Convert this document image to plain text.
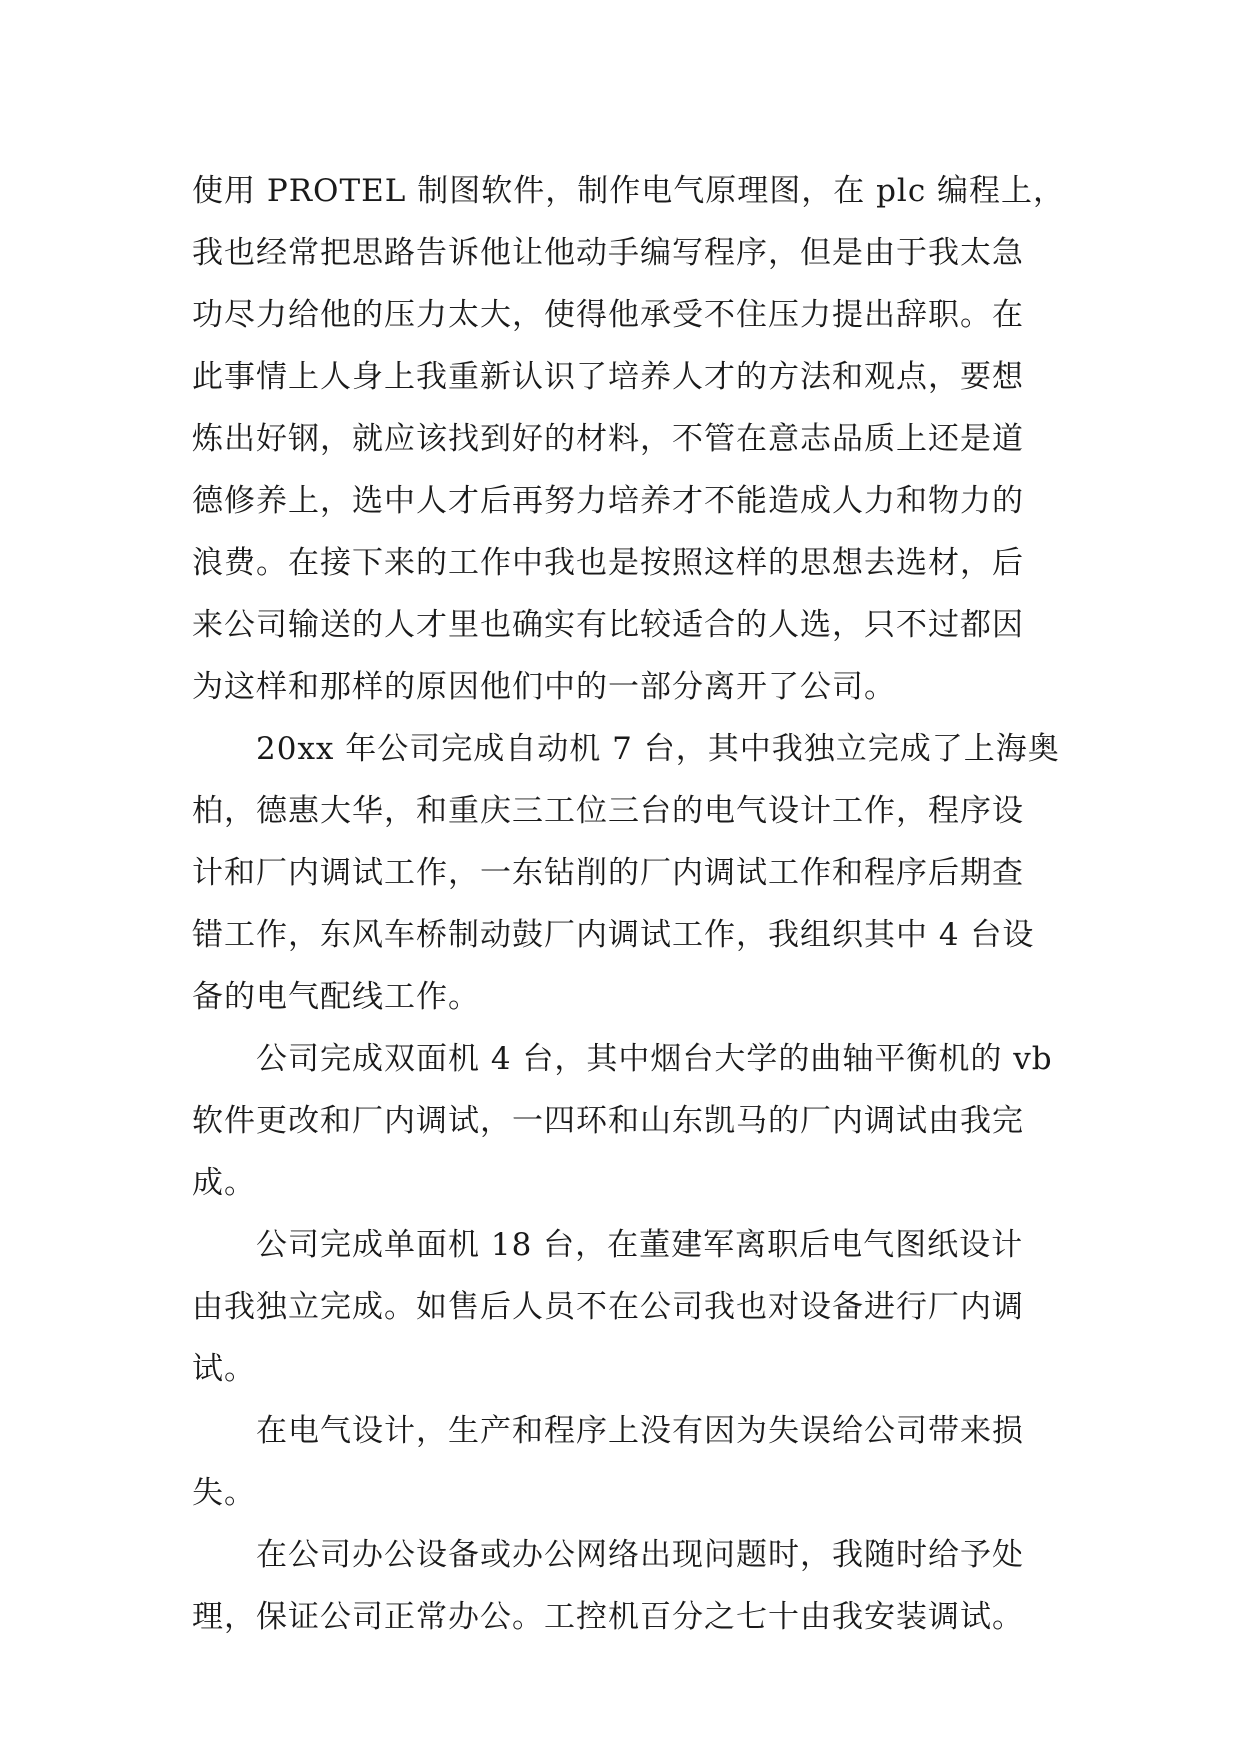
使用 PROTEL 制图软件，制作电气原理图，在 plc 编程上，

我也经常把思路告诉他让他动手编写程序，但是由于我太急

功尽力给他的压力太大，使得他承受不住压力提出辞职。在

此事情上人身上我重新认识了培养人才的方法和观点，要想

炼出好钢，就应该找到好的材料，不管在意志品质上还是道

德修养上，选中人才后再努力培养才不能造成人力和物力的

浪费。在接下来的工作中我也是按照这样的思想去选材，后

来公司输送的人才里也确实有比较适合的人选，只不过都因

为这样和那样的原因他们中的一部分离开了公司。

20xx 年公司完成自动机 7 台，其中我独立完成了上海奥

柏，德惠大华，和重庆三工位三台的电气设计工作，程序设

计和厂内调试工作，一东钻削的厂内调试工作和程序后期查

错工作，东风车桥制动鼓厂内调试工作，我组织其中 4 台设

备的电气配线工作。

公司完成双面机 4 台，其中烟台大学的曲轴平衡机的 vb

软件更改和厂内调试，一四环和山东凯马的厂内调试由我完

成。

公司完成单面机 18 台，在董建军离职后电气图纸设计

由我独立完成。如售后人员不在公司我也对设备进行厂内调

试。

在电气设计，生产和程序上没有因为失误给公司带来损

失。

在公司办公设备或办公网络出现问题时，我随时给予处

理，保证公司正常办公。工控机百分之七十由我安装调试。
